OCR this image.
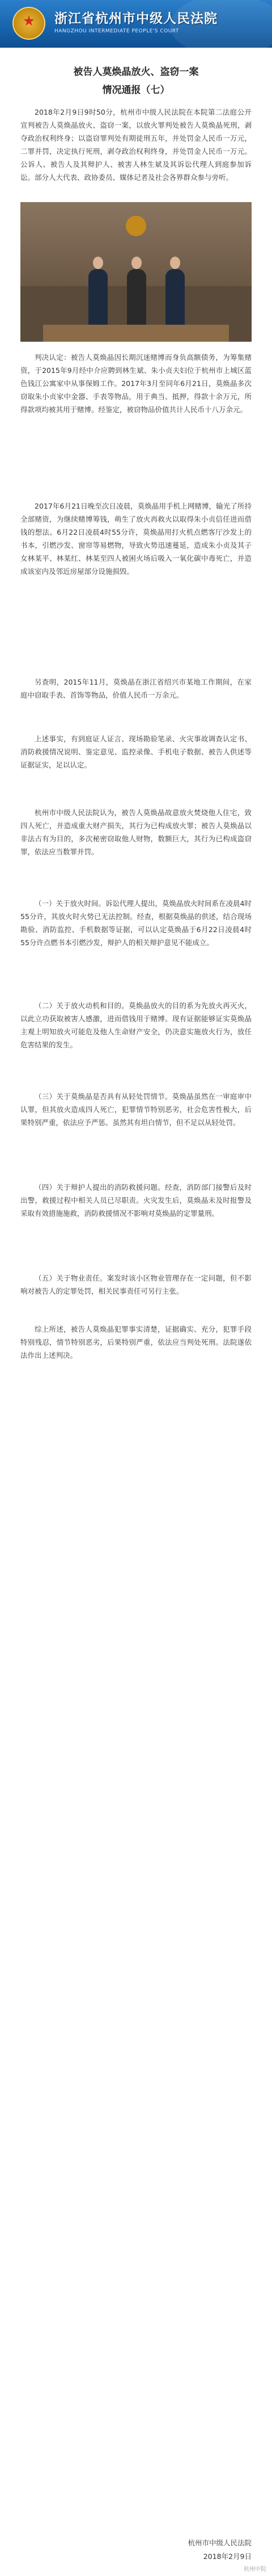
浙江省杭州市中级人民法院
HANGZHOU INTERMEDIATE PEOPLE'S COURT
被告人莫焕晶放火、盗窃一案
情况通报（七）
2018年2月9日9时50分，杭州市中级人民法院在本院第二法庭公开宣判被告人莫焕晶放火、盗窃一案，以放火罪判处被告人莫焕晶死刑，剥夺政治权利终身；以盗窃罪判处有期徒刑五年，并处罚金人民币一万元，二罪并罚，决定执行死刑，剥夺政治权利终身，并处罚金人民币一万元。公诉人、被告人及其辩护人、被害人林生斌及其诉讼代理人到庭参加诉讼。部分人大代表、政协委员、媒体记者及社会各界群众参与旁听。
判决认定：被告人莫焕晶因长期沉迷赌博而身负高额债务，为筹集赌资，于2015年9月经中介应聘到林生斌、朱小贞夫妇位于杭州市上城区蓝色钱江公寓家中从事保姆工作。2017年3月至同年6月21日，莫焕晶多次窃取朱小贞家中金器、手表等物品，用于典当、抵押，得款十余万元，所得款项均被其用于赌博。经鉴定，被窃物品价值共计人民币十八万余元。
2017年6月21日晚至次日凌晨，莫焕晶用手机上网赌博，输光了所持全部赌资，为继续赌博筹钱，萌生了放火再救火以取得朱小贞信任进而借钱的想法。6月22日凌晨4时55分许，莫焕晶用打火机点燃客厅沙发上的书本，引燃沙发、窗帘等易燃物，导致火势迅速蔓延，造成朱小贞及其子女林某平、林某红、林某至四人被困火场后吸入一氧化碳中毒死亡，并造成该室内及邻近房屋部分设施损毁。
另查明，2015年11月，莫焕晶在浙江省绍兴市某地工作期间，在家庭中窃取手表、首饰等物品，价值人民币一万余元。
上述事实，有到庭证人证言、现场勘验笔录、火灾事故调查认定书、消防救援情况说明、鉴定意见、监控录像、手机电子数据、被告人供述等证据证实，足以认定。
杭州市中级人民法院认为，被告人莫焕晶故意放火焚烧他人住宅，致四人死亡，并造成重大财产损失，其行为已构成放火罪；被告人莫焕晶以非法占有为目的，多次秘密窃取他人财物，数额巨大，其行为已构成盗窃罪，依法应当数罪并罚。
（一）关于放火时间。诉讼代理人提出，莫焕晶放火时间系在凌晨4时55分许，其放火时火势已无法控制。经查，根据莫焕晶的供述，结合现场勘验、消防监控、手机数据等证据，可以认定莫焕晶于6月22日凌晨4时55分许点燃书本引燃沙发，辩护人的相关辩护意见不能成立。
（二）关于放火动机和目的。莫焕晶放火的目的系为先放火再灭火，以此立功获取被害人感激，进而借钱用于赌博。现有证据能够证实莫焕晶主观上明知放火可能危及他人生命财产安全，仍决意实施放火行为，放任危害结果的发生。
（三）关于莫焕晶是否具有从轻处罚情节。莫焕晶虽然在一审庭审中认罪，但其放火造成四人死亡，犯罪情节特别恶劣，社会危害性极大，后果特别严重，依法应予严惩。虽然其有坦白情节，但不足以从轻处罚。
（四）关于辩护人提出的消防救援问题。经查，消防部门接警后及时出警，救援过程中相关人员已尽职责。火灾发生后，莫焕晶未及时报警及采取有效措施施救，消防救援情况不影响对莫焕晶的定罪量刑。
（五）关于物业责任。案发时该小区物业管理存在一定问题，但不影响对被告人的定罪处罚，相关民事责任可另行主张。
综上所述，被告人莫焕晶犯罪事实清楚，证据确实、充分，犯罪手段特别残忍，情节特别恶劣，后果特别严重，依法应当判处死刑。法院遂依法作出上述判决。
杭州市中级人民法院
2018年2月9日
杭州中院
